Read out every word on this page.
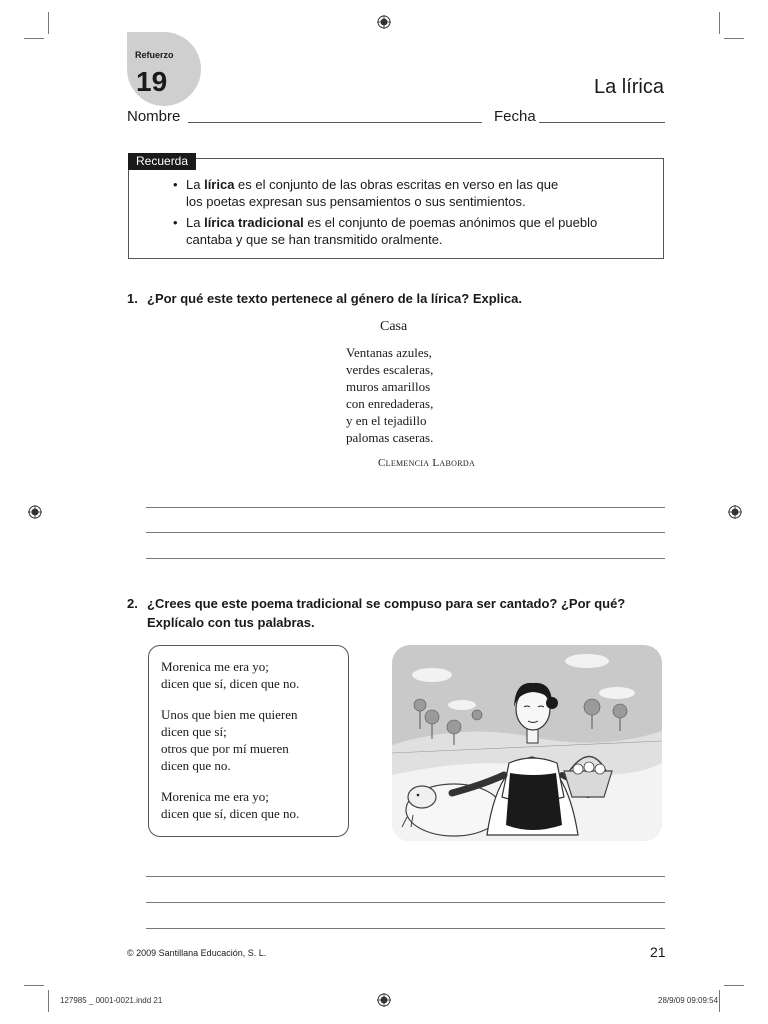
Refuerzo
19	La lírica
Nombre	Fecha
Recuerda
• La lírica es el conjunto de las obras escritas en verso en las que
los poetas expresan sus pensamientos o sus sentimientos.
• La lírica tradicional es el conjunto de poemas anónimos que el pueblo
cantaba y que se han transmitido oralmente.
1. ¿Por qué este texto pertenece al género de la lírica? Explica.
Casa
Ventanas azules,
verdes escaleras,
muros amarillos
con enredaderas,
y en el tejadillo
palomas caseras.
Clemencia Laborda
2. ¿Crees que este poema tradicional se compuso para ser cantado? ¿Por qué?
Explícalo con tus palabras.
Morenica me era yo;
dicen que sí, dicen que no.
Unos que bien me quieren
dicen que sí;
otros que por mí mueren
dicen que no.
Morenica me era yo;
dicen que sí, dicen que no.
© 2009 Santillana Educación, S. L.	21
127985 _ 0001-0021.indd 21	28/9/09 09:09:54
